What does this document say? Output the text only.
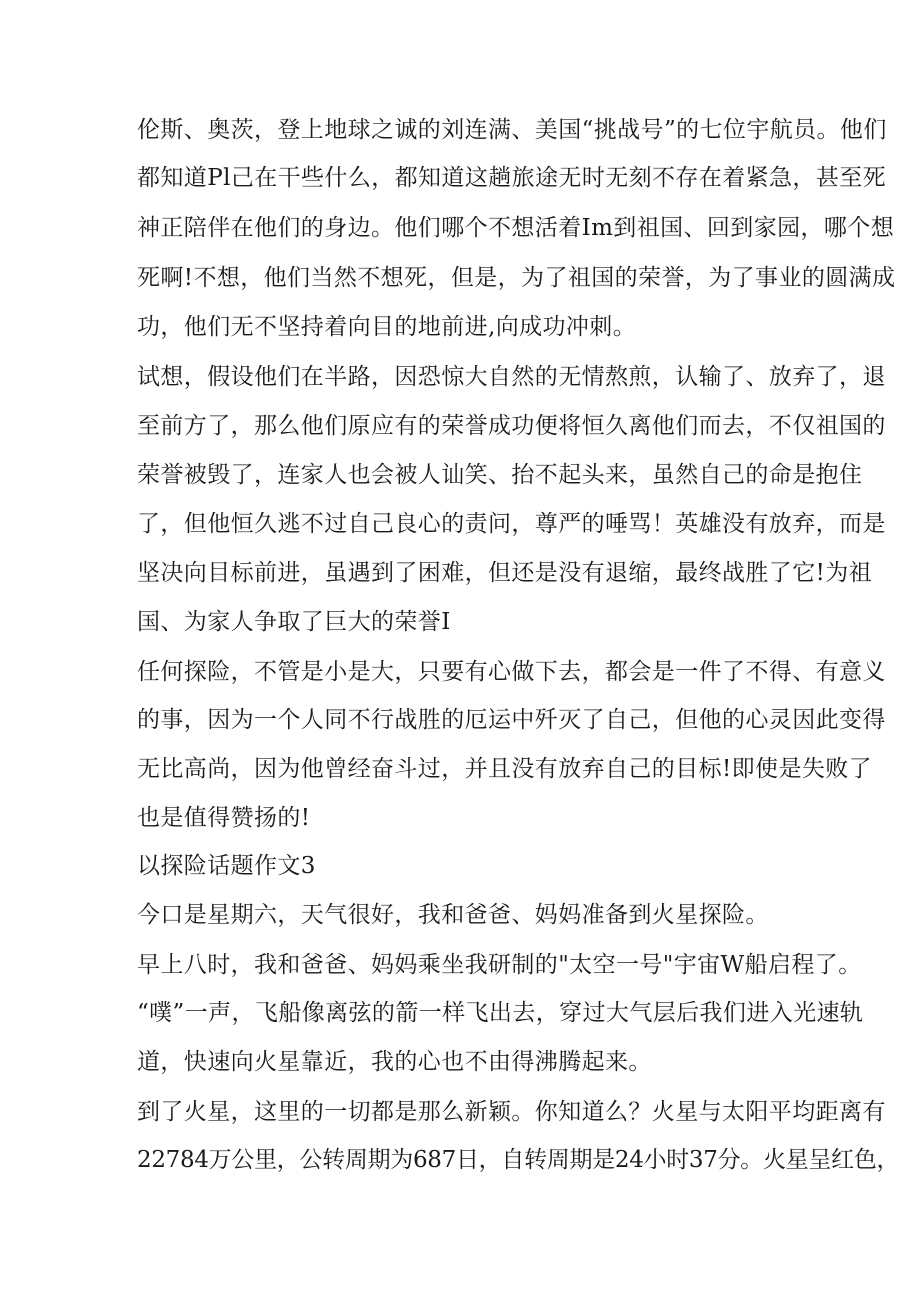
伦斯、奥茨，登上地球之诚的刘连满、美国“挑战号”的七位宇航员。他们

都知道Pl己在干些什么，都知道这趟旅途无时无刻不存在着紧急，甚至死

神正陪伴在他们的身边。他们哪个不想活着Im到祖国、回到家园，哪个想

死啊!不想，他们当然不想死，但是，为了祖国的荣誉，为了事业的圆满成

功，他们无不坚持着向目的地前进,向成功冲刺。

试想，假设他们在半路，因恐惊大自然的无情熬煎，认输了、放弃了，退

至前方了，那么他们原应有的荣誉成功便将恒久离他们而去，不仅祖国的

荣誉被毁了，连家人也会被人讪笑、抬不起头来，虽然自己的命是抱住

了，但他恒久逃不过自己良心的责问，尊严的唾骂！英雄没有放弃，而是

坚决向目标前进，虽遇到了困难，但还是没有退缩，最终战胜了它!为祖

国、为家人争取了巨大的荣誉I

任何探险，不管是小是大，只要有心做下去，都会是一件了不得、有意义

的事，因为一个人同不行战胜的厄运中歼灭了自己，但他的心灵因此变得

无比高尚，因为他曾经奋斗过，并且没有放弃自己的目标!即使是失败了

也是值得赞扬的!

以探险话题作文3

今口是星期六，天气很好，我和爸爸、妈妈准备到火星探险。

早上八时，我和爸爸、妈妈乘坐我研制的"太空一号"宇宙W船启程了。

“噗”一声，飞船像离弦的箭一样飞出去，穿过大气层后我们进入光速轨

道，快速向火星靠近，我的心也不由得沸腾起来。

到了火星，这里的一切都是那么新颖。你知道么？火星与太阳平均距离有

22784万公里，公转周期为687日，自转周期是24小时37分。火星呈红色，
